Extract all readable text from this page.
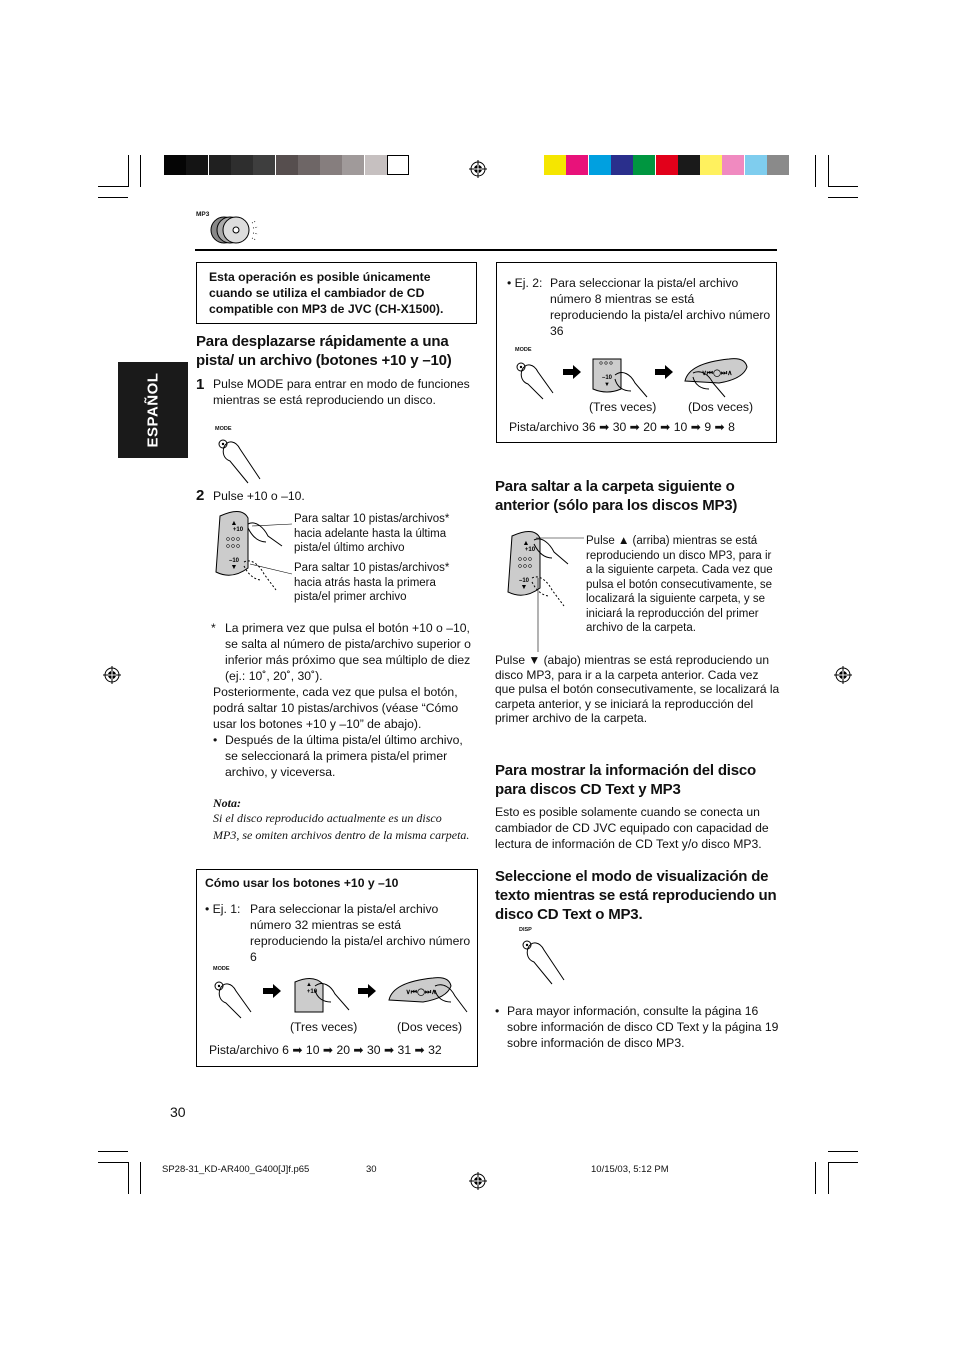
MP3
ESPAÑOL
Esta operación es posible únicamente cuando se utiliza el cambiador de CD compatible con MP3 de JVC (CH-X1500).
Para desplazarse rápidamente a una pista/ un archivo (botones +10 y –10)
1 Pulse MODE para entrar en modo de funciones mientras se está reproduciendo un disco.
MODE
2 Pulse +10 o –10.
▲
+10
–10
▼
Para saltar 10 pistas/archivos* hacia adelante hasta la última pista/el último archivo
Para saltar 10 pistas/archivos* hacia atrás hasta la primera pista/el primer archivo
* La primera vez que pulsa el botón +10 o –10, se salta al número de pista/archivo superior o inferior más próximo que sea múltiplo de diez (ej.: 10˚, 20˚, 30˚).
Posteriormente, cada vez que pulsa el botón, podrá saltar 10 pistas/archivos (véase “Cómo usar los botones +10 y –10” de abajo).
• Después de la última pista/el último archivo, se seleccionará la primera pista/el primer archivo, y viceversa.
Nota:
Si el disco reproducido actualmente es un disco MP3, se omiten archivos dentro de la misma carpeta.
Cómo usar los botones +10 y –10
• Ej. 1: Para seleccionar la pista/el archivo número 32 mientras se está reproduciendo la pista/el archivo número 6
MODE
▲
+10	∨⏮◯⏭∧
(Tres veces)	(Dos veces)
Pista/archivo 6 ➡ 10 ➡ 20 ➡ 30 ➡ 31 ➡ 32
• Ej. 2: Para seleccionar la pista/el archivo número 8 mientras se está reproduciendo la pista/el archivo número 36
MODE
–10
▼
∨⏮◯⏭∧
(Tres veces)	(Dos veces)
Pista/archivo 36 ➡ 30 ➡ 20 ➡ 10 ➡ 9 ➡ 8
Para saltar a la carpeta siguiente o anterior (sólo para los discos MP3)
▲
+10
–10
▼
Pulse ▲ (arriba) mientras se está reproduciendo un disco MP3, para ir a la siguiente carpeta. Cada vez que pulsa el botón consecutivamente, se localizará la siguiente carpeta, y se iniciará la reproducción del primer archivo de la carpeta.
Pulse ▼ (abajo) mientras se está reproduciendo un disco MP3, para ir a la carpeta anterior. Cada vez que pulsa el botón consecutivamente, se localizará la carpeta anterior, y se iniciará la reproducción del primer archivo de la carpeta.
Para mostrar la información del disco para discos CD Text y MP3
Esto es posible solamente cuando se conecta un cambiador de CD JVC equipado con capacidad de lectura de información de CD Text y/o disco MP3.
Seleccione el modo de visualización de texto mientras se está reproduciendo un disco CD Text o MP3.
DISP
• Para mayor información, consulte la página 16 sobre información de disco CD Text y la página 19 sobre información de disco MP3.
30
SP28-31_KD-AR400_G400[J]f.p65	30	10/15/03, 5:12 PM
